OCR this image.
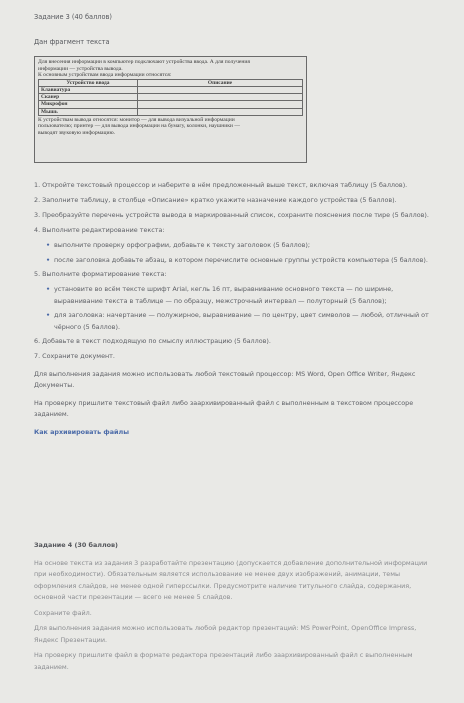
Задание 3 (40 баллов)
Дан фрагмент текста

Для внесения информации в компьютер подключают устройства ввода. А для получения

информации — устройства вывода.

К основным устройствам ввода информации относятся:

Устройство ввода	Описание
Клавиатура	
Сканер	
Микрофон	
Мышь	

К устройствам вывода относятся: монитор — для вывода визуальной информации

пользователю; принтер — для вывода информации на бумагу, колонки, наушники —

выводят звуковую информацию.

1. Откройте текстовый процессор и наберите в нём предложенный выше текст, включая таблицу (5 баллов).

2. Заполните таблицу, в столбце «Описание» кратко укажите назначение каждого устройства (5 баллов).

3. Преобразуйте перечень устройств вывода в маркированный список, сохраните пояснения после тире (5 баллов).

4. Выполните редактирование текста:

• выполните проверку орфографии, добавьте к тексту заголовок (5 баллов);
• после заголовка добавьте абзац, в котором перечислите основные группы устройств компьютера (5 баллов).

5. Выполните форматирование текста:

• установите во всём тексте шрифт Arial, кегль 16 пт, выравнивание основного текста — по ширине, выравнивание текста в таблице — по образцу, межстрочный интервал — полуторный (5 баллов);
• для заголовка: начертание — полужирное, выравнивание — по центру, цвет символов — любой, отличный от чёрного (5 баллов).

6. Добавьте в текст подходящую по смыслу иллюстрацию (5 баллов).

7. Сохраните документ.

Для выполнения задания можно использовать любой текстовый процессор: MS Word, Open Office Writer, Яндекс Документы.

На проверку пришлите текстовый файл либо заархивированный файл с выполненным в текстовом процессоре заданием.

Как архивировать файлы

Задание 4 (30 баллов)

На основе текста из задания 3 разработайте презентацию (допускается добавление дополнительной информации при необходимости). Обязательным является использование не менее двух изображений, анимации, темы оформления слайдов, не менее одной гиперссылки. Предусмотрите наличие титульного слайда, содержания, основной части презентации — всего не менее 5 слайдов.

Сохраните файл.

Для выполнения задания можно использовать любой редактор презентаций: MS PowerPoint, OpenOffice Impress, Яндекс Презентации.

На проверку пришлите файл в формате редактора презентаций либо заархивированный файл с выполненным заданием.
